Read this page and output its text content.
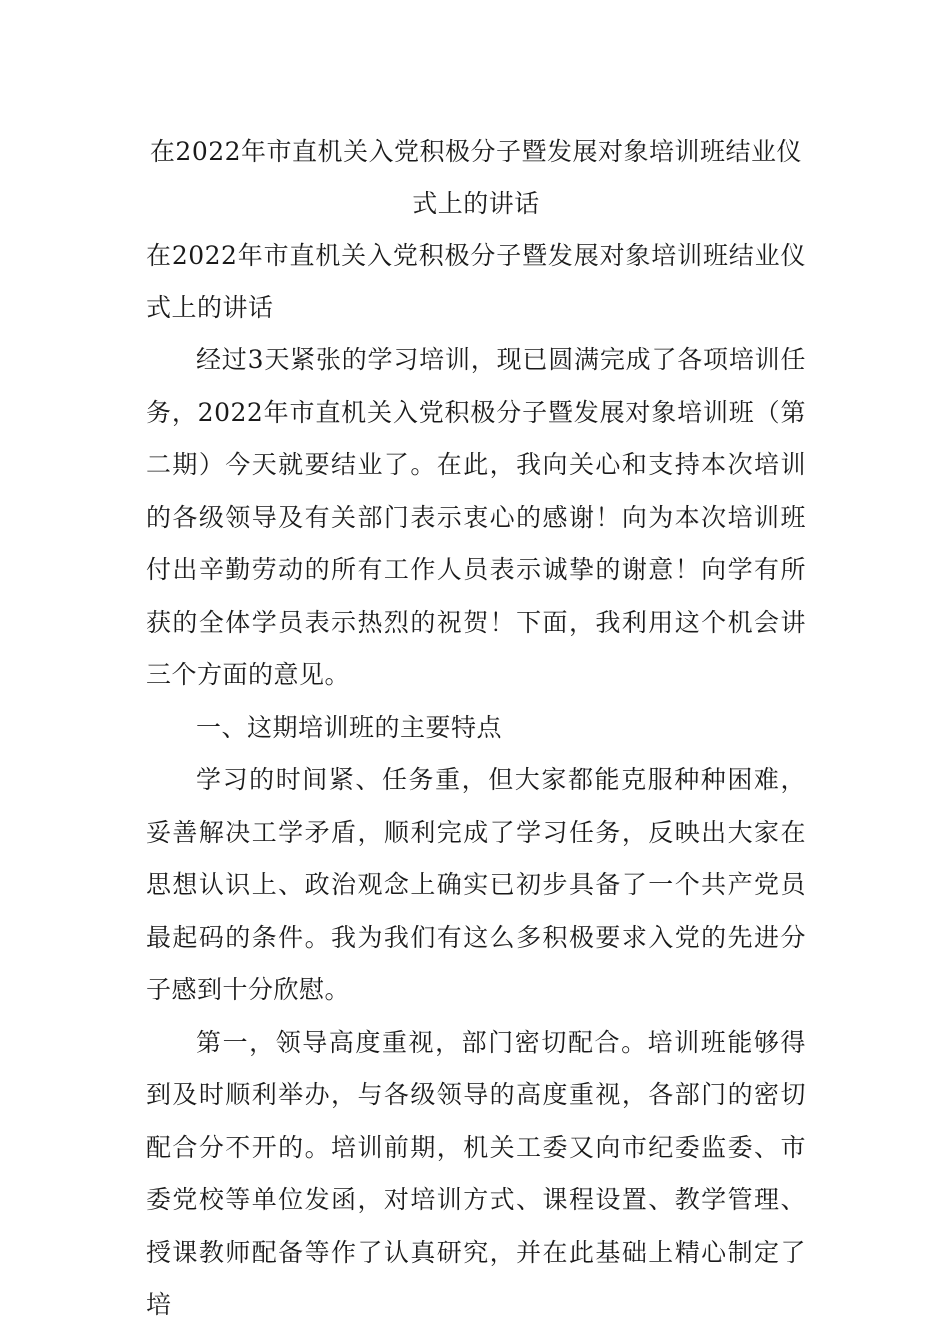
在2022年市直机关入党积极分子暨发展对象培训班结业仪式上的讲话

在2022年市直机关入党积极分子暨发展对象培训班结业仪式上的讲话

经过3天紧张的学习培训，现已圆满完成了各项培训任务，2022年市直机关入党积极分子暨发展对象培训班（第二期）今天就要结业了。在此，我向关心和支持本次培训的各级领导及有关部门表示衷心的感谢！向为本次培训班付出辛勤劳动的所有工作人员表示诚挚的谢意！向学有所获的全体学员表示热烈的祝贺！下面，我利用这个机会讲三个方面的意见。

一、这期培训班的主要特点

学习的时间紧、任务重，但大家都能克服种种困难，妥善解决工学矛盾，顺利完成了学习任务，反映出大家在思想认识上、政治观念上确实已初步具备了一个共产党员最起码的条件。我为我们有这么多积极要求入党的先进分子感到十分欣慰。

第一，领导高度重视，部门密切配合。培训班能够得到及时顺利举办，与各级领导的高度重视，各部门的密切配合分不开的。培训前期，机关工委又向市纪委监委、市委党校等单位发函，对培训方式、课程设置、教学管理、授课教师配备等作了认真研究，并在此基础上精心制定了培
